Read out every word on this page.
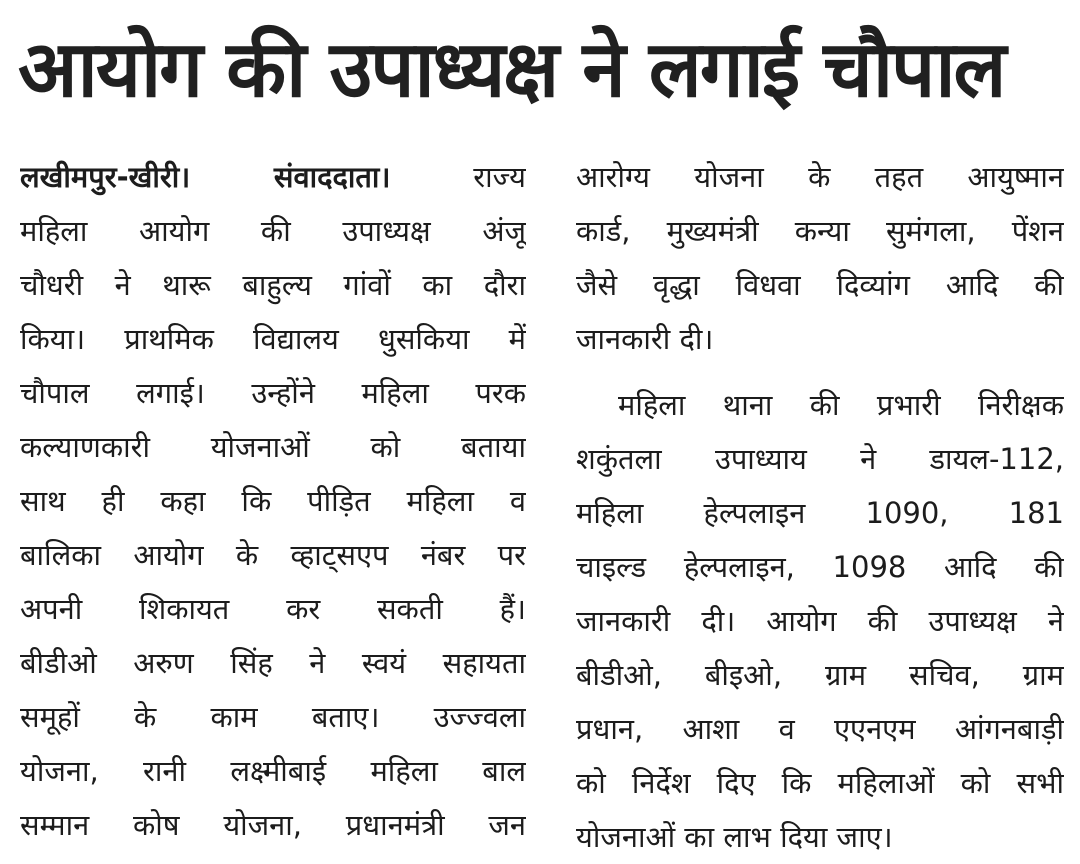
आयोग की उपाध्यक्ष ने लगाई चौपाल
लखीमपुर-खीरी। संवाददाता।	राज्य
महिला आयोग की उपाध्यक्ष अंजू
चौधरी ने थारू बाहुल्य गांवों का दौरा
किया। प्राथमिक विद्यालय धुसकिया में
चौपाल लगाई। उन्होंने महिला परक
कल्याणकारी योजनाओं को बताया
साथ ही कहा कि पीड़ित महिला व
बालिका आयोग के व्हाट्सएप नंबर पर
अपनी शिकायत कर सकती हैं।
बीडीओ अरुण सिंह ने स्वयं सहायता
समूहों के काम बताए। उज्ज्वला
योजना, रानी लक्ष्मीबाई महिला बाल
सम्मान कोष योजना, प्रधानमंत्री जन
आरोग्य योजना के तहत आयुष्मान
कार्ड, मुख्यमंत्री कन्या सुमंगला, पेंशन
जैसे वृद्धा विधवा दिव्यांग आदि की
जानकारी दी।
महिला थाना की प्रभारी निरीक्षक
शकुंतला उपाध्याय ने डायल-112,
महिला हेल्पलाइन 1090, 181
चाइल्ड हेल्पलाइन, 1098 आदि की
जानकारी दी। आयोग की उपाध्यक्ष ने
बीडीओ, बीइओ, ग्राम सचिव, ग्राम
प्रधान, आशा व एएनएम आंगनबाड़ी
को निर्देश दिए कि महिलाओं को सभी
योजनाओं का लाभ दिया जाए।
